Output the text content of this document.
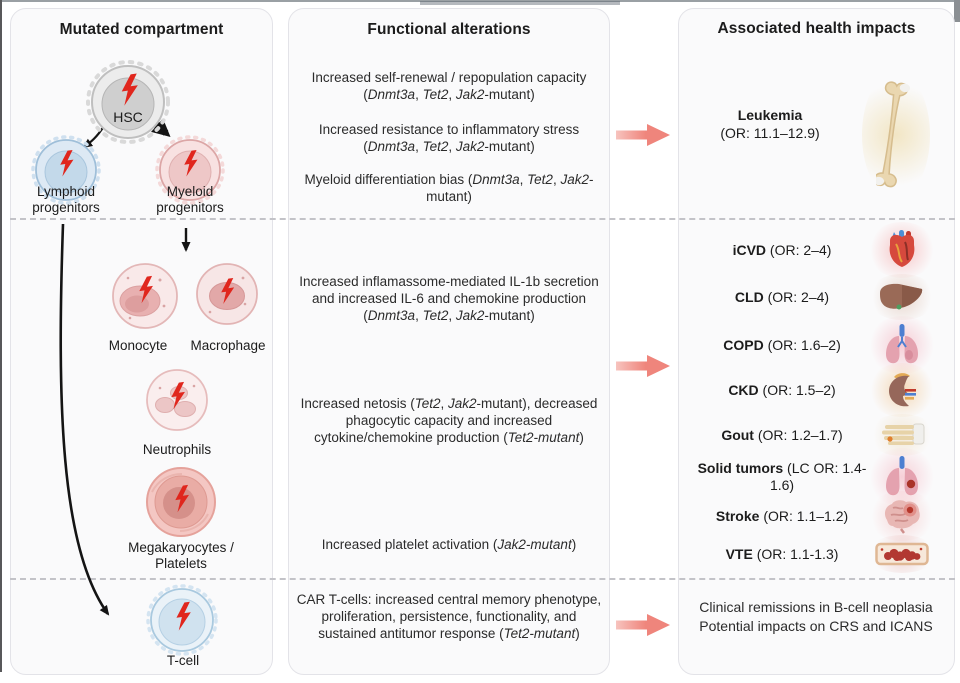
Mutated compartment	Functional alterations	Associated health impacts
HSC
Lymphoid progenitors
Myeloid progenitors
Monocyte	Macrophage
Neutrophils
Megakaryocytes / Platelets
T-cell
Increased self-renewal / repopulation capacity (Dnmt3a, Tet2, Jak2-mutant)
Increased resistance to inflammatory stress (Dnmt3a, Tet2, Jak2-mutant)
Myeloid differentiation bias (Dnmt3a, Tet2, Jak2-mutant)
Increased inflamassome-mediated IL-1b secretion and increased IL-6 and chemokine production (Dnmt3a, Tet2, Jak2-mutant)
Increased netosis (Tet2, Jak2-mutant), decreased phagocytic capacity and increased cytokine/chemokine production (Tet2-mutant)
Increased platelet activation (Jak2-mutant)
CAR T-cells: increased central memory phenotype, proliferation, persistence, functionality, and sustained antitumor response (Tet2-mutant)
Leukemia
(OR: 11.1–12.9)
iCVD (OR: 2–4)
CLD (OR: 2–4)
COPD (OR: 1.6–2)
CKD (OR: 1.5–2)
Gout (OR: 1.2–1.7)
Solid tumors (LC OR: 1.4-1.6)
Stroke (OR: 1.1–1.2)
VTE (OR: 1.1-1.3)
Clinical remissions in B-cell neoplasia
Potential impacts on CRS and ICANS
